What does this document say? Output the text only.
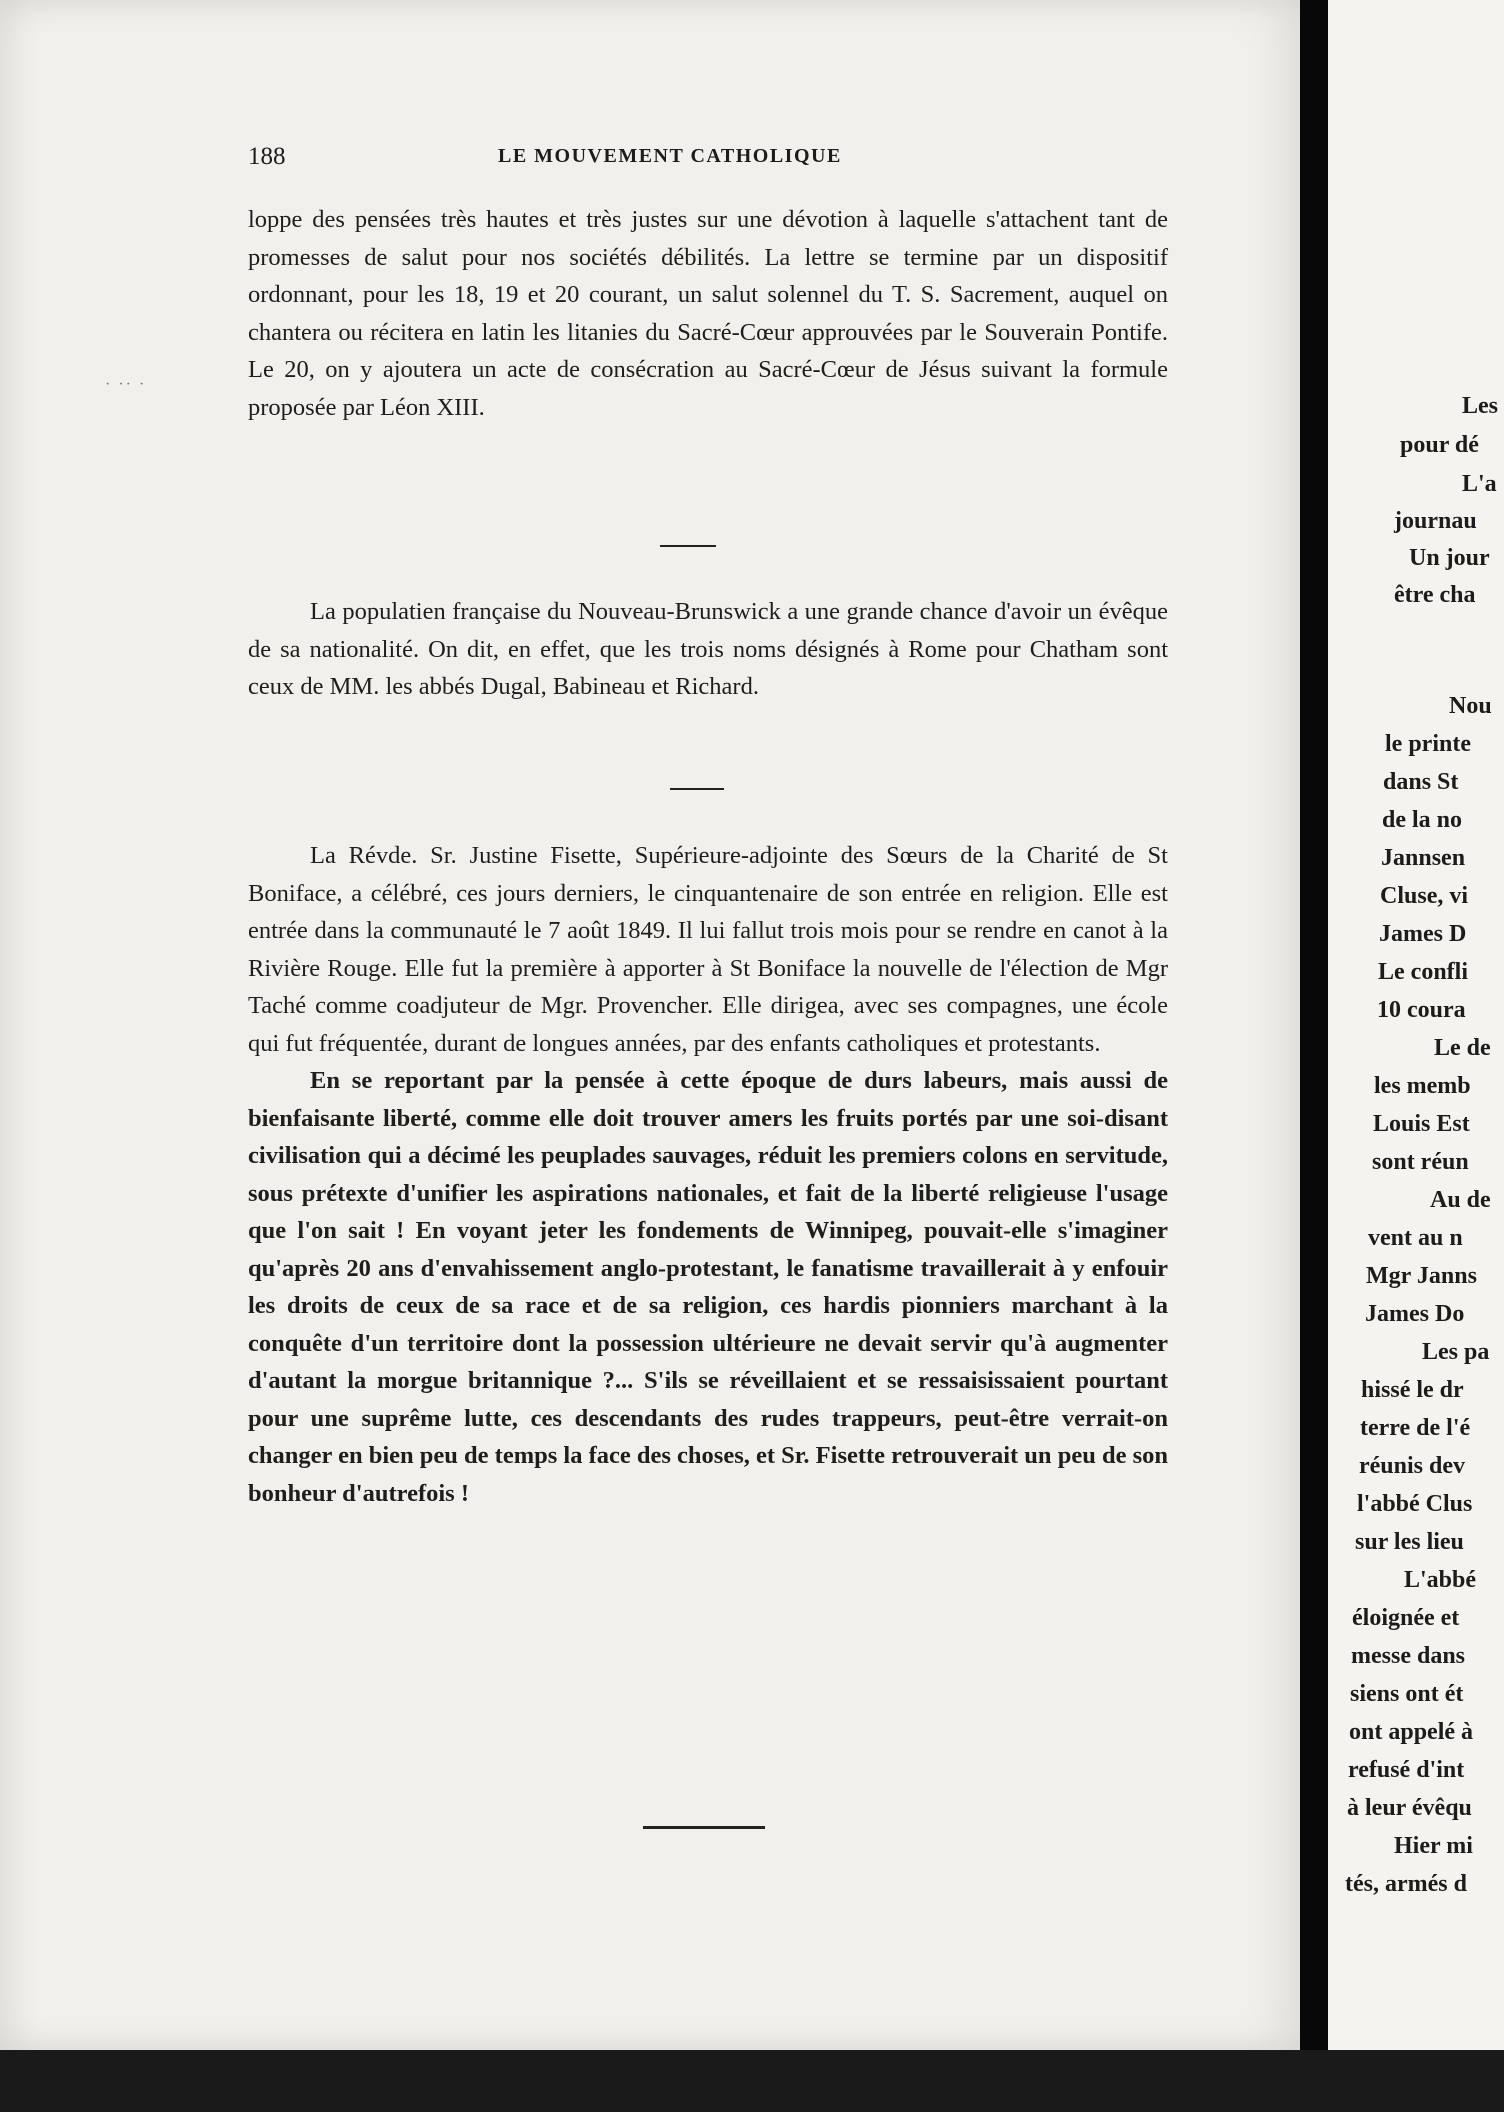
· ·· ·
188	LE MOUVEMENT CATHOLIQUE

loppe des pensées très hautes et très justes sur une dévotion à laquelle s'attachent tant de promesses de salut pour nos sociétés débilités. La lettre se termine par un dispositif ordonnant, pour les 18, 19 et 20 courant, un salut solennel du T. S. Sacrement, auquel on chantera ou récitera en latin les litanies du Sacré-Cœur approuvées par le Souverain Pontife. Le 20, on y ajoutera un acte de consécration au Sacré-Cœur de Jésus suivant la formule proposée par Léon XIII.

La populatien française du Nouveau-Brunswick a une grande chance d'avoir un évêque de sa nationalité. On dit, en effet, que les trois noms désignés à Rome pour Chatham sont ceux de MM. les abbés Dugal, Babineau et Richard.

La Révde. Sr. Justine Fisette, Supérieure-adjointe des Sœurs de la Charité de St Boniface, a célébré, ces jours derniers, le cinquantenaire de son entrée en religion. Elle est entrée dans la communauté le 7 août 1849. Il lui fallut trois mois pour se rendre en canot à la Rivière Rouge. Elle fut la première à apporter à St Boniface la nouvelle de l'élection de Mgr Taché comme coadjuteur de Mgr. Provencher. Elle dirigea, avec ses compagnes, une école qui fut fréquentée, durant de longues années, par des enfants catholiques et protestants.

En se reportant par la pensée à cette époque de durs labeurs, mais aussi de bienfaisante liberté, comme elle doit trouver amers les fruits portés par une soi-disant civilisation qui a décimé les peuplades sauvages, réduit les premiers colons en servitude, sous prétexte d'unifier les aspirations nationales, et fait de la liberté religieuse l'usage que l'on sait ! En voyant jeter les fondements de Winnipeg, pouvait-elle s'imaginer qu'après 20 ans d'envahissement anglo-protestant, le fanatisme travaillerait à y enfouir les droits de ceux de sa race et de sa religion, ces hardis pionniers marchant à la conquête d'un territoire dont la possession ultérieure ne devait servir qu'à augmenter d'autant la morgue britannique ?... S'ils se réveillaient et se ressaisissaient pourtant pour une suprême lutte, ces descendants des rudes trappeurs, peut-être verrait-on changer en bien peu de temps la face des choses, et Sr. Fisette retrouverait un peu de son bonheur d'autrefois !

Les
pour dé
L'a
journau
Un jour
être cha
Nou
le printe
dans St
de la no
Jannsen
Cluse, vi
James D
Le confli
10 coura
Le de
les memb
Louis Est
sont réun
Au de
vent au n
Mgr Janns
James Do
Les pa
hissé le dr
terre de l'é
réunis dev
l'abbé Clus
sur les lieu
L'abbé
éloignée et
messe dans
siens ont ét
ont appelé à
refusé d'int
à leur évêqu
Hier mi
tés, armés d
